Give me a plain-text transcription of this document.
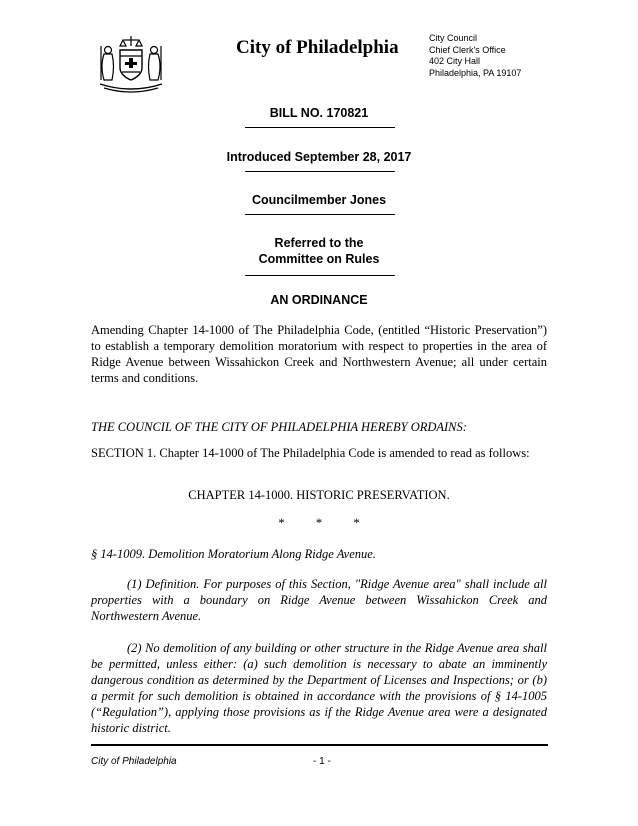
City of Philadelphia	City Council
Chief Clerk's Office
402 City Hall
Philadelphia, PA 19107
BILL NO. 170821
Introduced September 28, 2017
Councilmember Jones
Referred to the
Committee on Rules
AN ORDINANCE
Amending Chapter 14-1000 of The Philadelphia Code, (entitled “Historic Preservation”) to establish a temporary demolition moratorium with respect to properties in the area of Ridge Avenue between Wissahickon Creek and Northwestern Avenue; all under certain terms and conditions.
THE COUNCIL OF THE CITY OF PHILADELPHIA HEREBY ORDAINS:
SECTION 1. Chapter 14-1000 of The Philadelphia Code is amended to read as follows:
CHAPTER 14-1000. HISTORIC PRESERVATION.
*          *          *
§ 14-1009. Demolition Moratorium Along Ridge Avenue.
(1) Definition. For purposes of this Section, "Ridge Avenue area" shall include all properties with a boundary on Ridge Avenue between Wissahickon Creek and Northwestern Avenue.
(2) No demolition of any building or other structure in the Ridge Avenue area shall be permitted, unless either: (a) such demolition is necessary to abate an imminently dangerous condition as determined by the Department of Licenses and Inspections; or (b) a permit for such demolition is obtained in accordance with the provisions of § 14-1005 (“Regulation”), applying those provisions as if the Ridge Avenue area were a designated historic district.
City of Philadelphia	- 1 -
